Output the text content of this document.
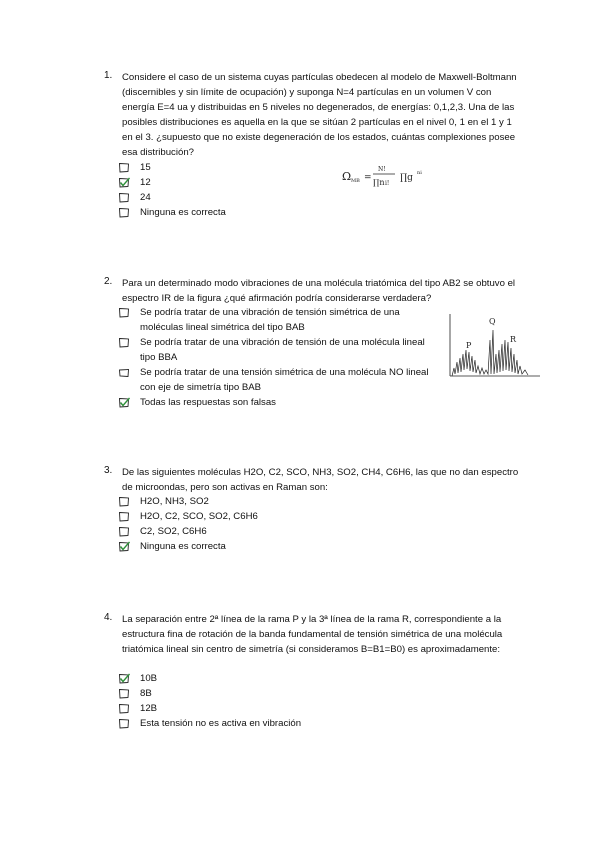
1. Considere el caso de un sistema cuyas partículas obedecen al modelo de Maxwell-Boltmann (discernibles y sin límite de ocupación) y suponga N=4 partículas en un volumen V con energía E=4 ua y distribuidas en 5 niveles no degenerados, de energías: 0,1,2,3. Una de las posibles distribuciones es aquella en la que se sitúan 2 partículas en el nivel 0, 1 en el 1 y 1 en el 3. ¿supuesto que no existe degeneración de los estados, cuántas complexiones posee esa distribución?
15
12
24
Ninguna es correcta
Ω MB =
N!
∏n i!
∏g ni
2. Para un determinado modo vibraciones de una molécula triatómica del tipo AB2 se obtuvo el espectro IR de la figura ¿qué afirmación podría considerarse verdadera?
Se podría tratar de una vibración de tensión simétrica de una moléculas lineal simétrica del tipo BAB
Se podría tratar de una vibración de tensión de una molécula lineal tipo BBA
Se podría tratar de una tensión simétrica de una molécula NO lineal con eje de simetría tipo BAB
Todas las respuestas son falsas
P
Q
R
3. De las siguientes moléculas H2O, C2, SCO, NH3, SO2, CH4, C6H6, las que no dan espectro de microondas, pero son activas en Raman son:
H2O, NH3, SO2
H2O, C2, SCO, SO2, C6H6
C2, SO2, C6H6
Ninguna es correcta
4. La separación entre 2ª línea de la rama P y la 3ª línea de la rama R, correspondiente a la estructura fina de rotación de la banda fundamental de tensión simétrica de una molécula triatómica lineal sin centro de simetría (si consideramos B=B1=B0) es aproximadamente:
10B
8B
12B
Esta tensión no es activa en vibración
